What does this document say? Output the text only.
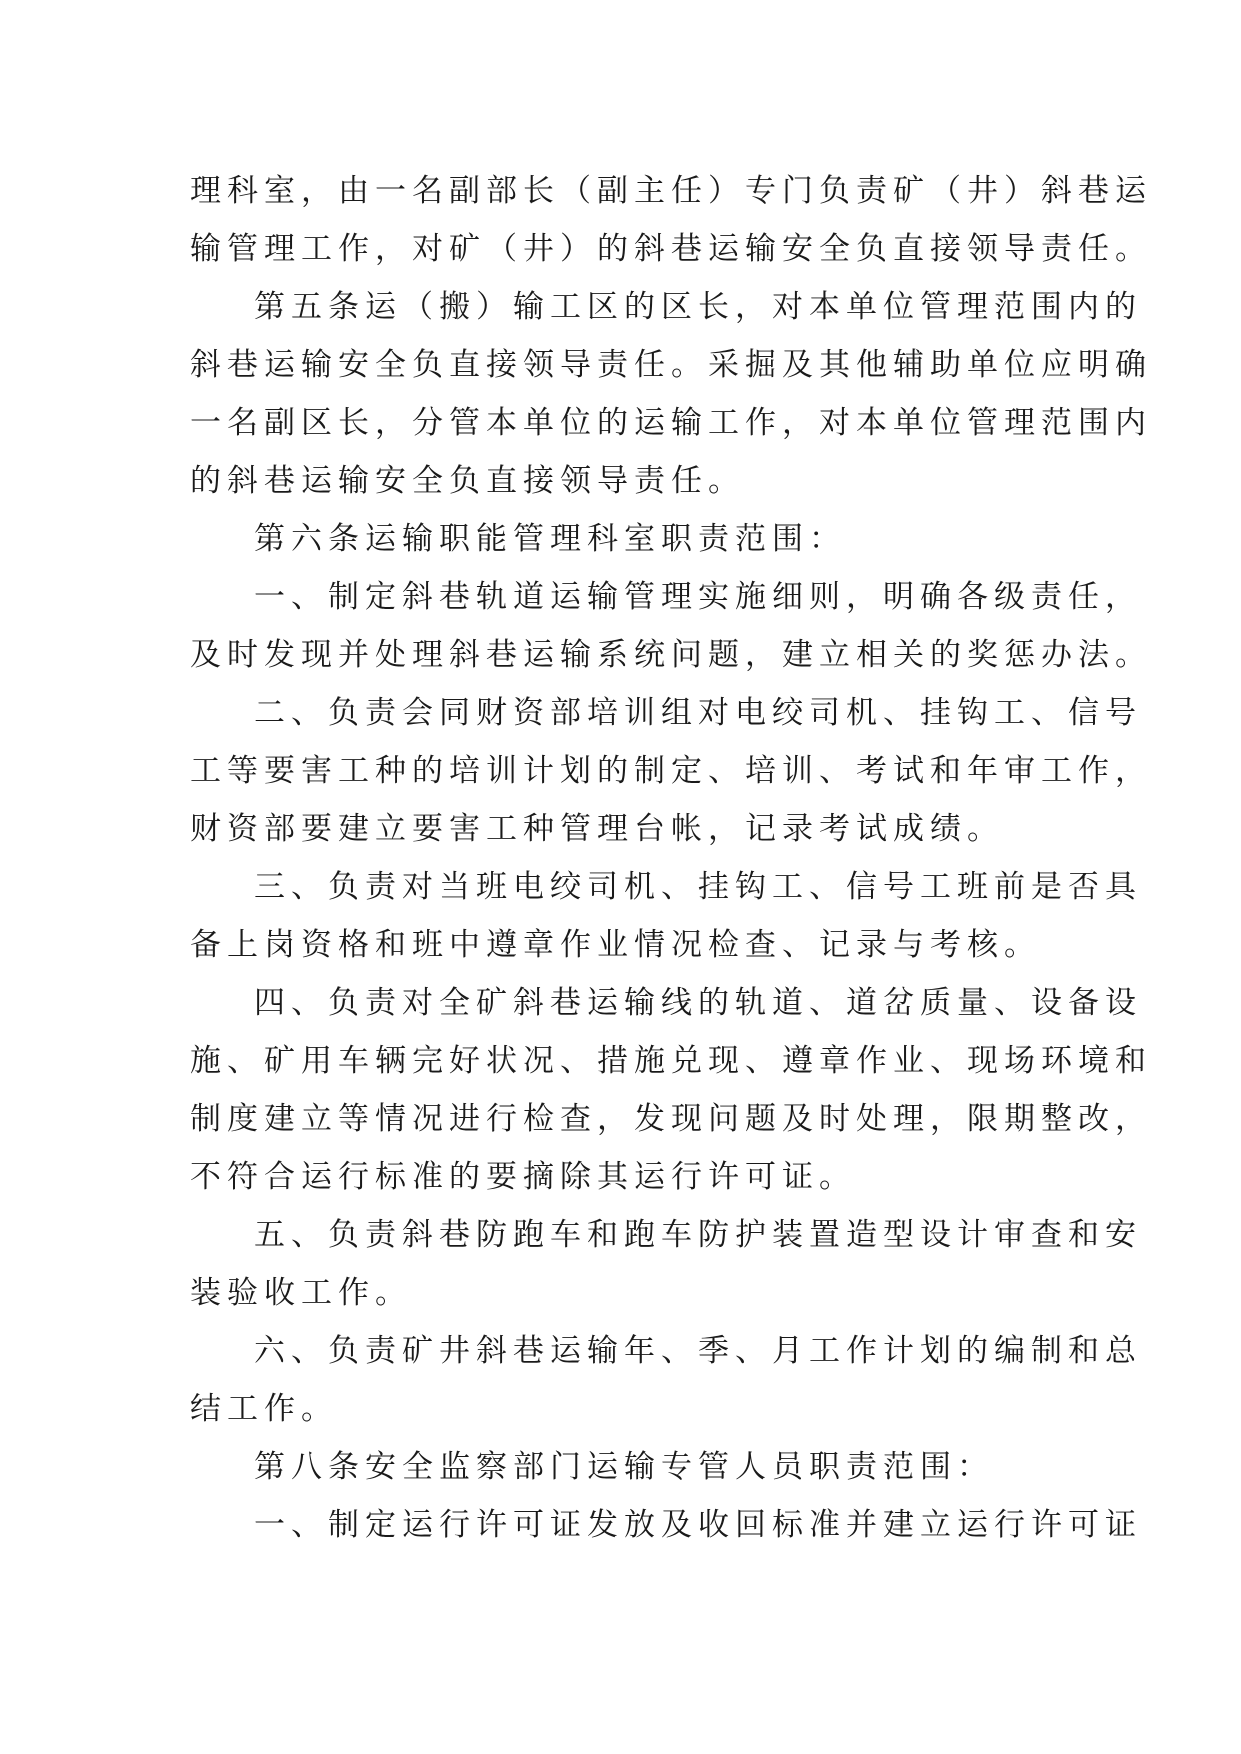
理科室，由一名副部长（副主任）专门负责矿（井）斜巷运
输管理工作，对矿（井）的斜巷运输安全负直接领导责任。
第五条运（搬）输工区的区长，对本单位管理范围内的
斜巷运输安全负直接领导责任。采掘及其他辅助单位应明确
一名副区长，分管本单位的运输工作，对本单位管理范围内
的斜巷运输安全负直接领导责任。
第六条运输职能管理科室职责范围：
一、制定斜巷轨道运输管理实施细则，明确各级责任，
及时发现并处理斜巷运输系统问题，建立相关的奖惩办法。
二、负责会同财资部培训组对电绞司机、挂钩工、信号
工等要害工种的培训计划的制定、培训、考试和年审工作，
财资部要建立要害工种管理台帐，记录考试成绩。
三、负责对当班电绞司机、挂钩工、信号工班前是否具
备上岗资格和班中遵章作业情况检查、记录与考核。
四、负责对全矿斜巷运输线的轨道、道岔质量、设备设
施、矿用车辆完好状况、措施兑现、遵章作业、现场环境和
制度建立等情况进行检查，发现问题及时处理，限期整改，
不符合运行标准的要摘除其运行许可证。
五、负责斜巷防跑车和跑车防护装置造型设计审查和安
装验收工作。
六、负责矿井斜巷运输年、季、月工作计划的编制和总
结工作。
第八条安全监察部门运输专管人员职责范围：
一、制定运行许可证发放及收回标准并建立运行许可证
